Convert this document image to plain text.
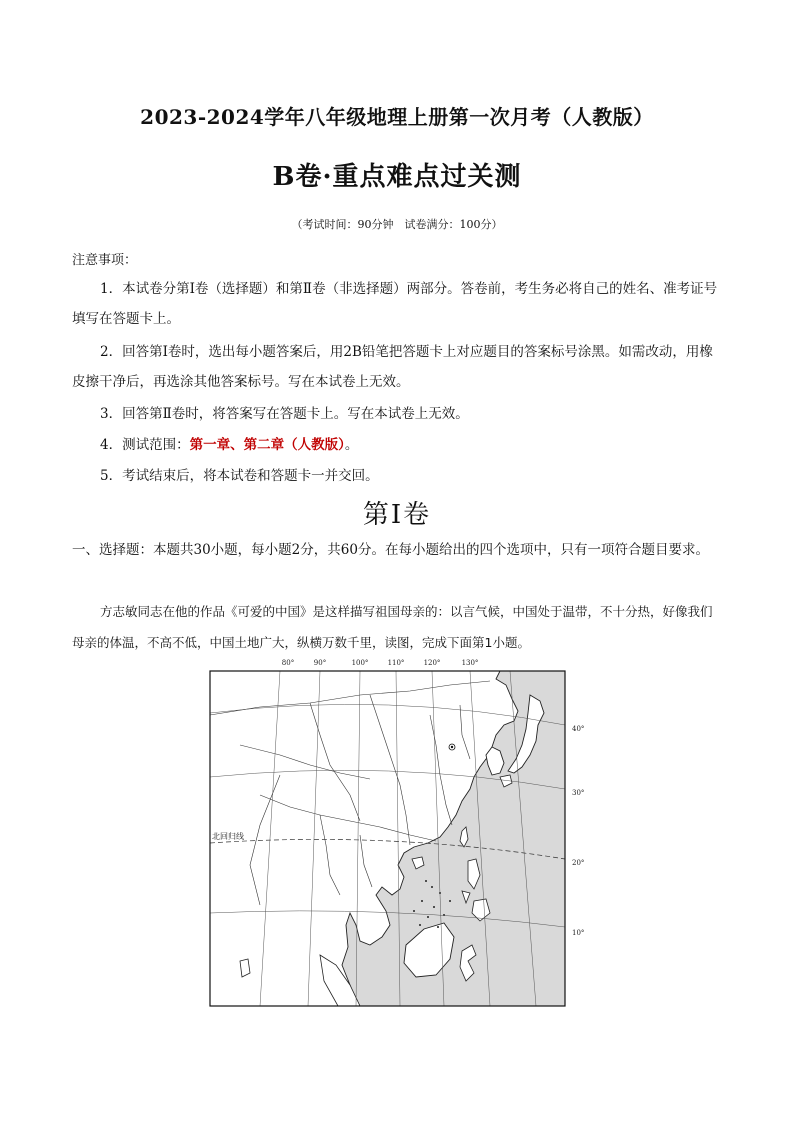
2023-2024学年八年级地理上册第一次月考（人教版）
B卷·重点难点过关测
（考试时间：90分钟　试卷满分：100分）
注意事项：
1．本试卷分第Ⅰ卷（选择题）和第Ⅱ卷（非选择题）两部分。答卷前，考生务必将自己的姓名、准考证号填写在答题卡上。
2．回答第Ⅰ卷时，选出每小题答案后，用2B铅笔把答题卡上对应题目的答案标号涂黑。如需改动，用橡皮擦干净后，再选涂其他答案标号。写在本试卷上无效。
3．回答第Ⅱ卷时，将答案写在答题卡上。写在本试卷上无效。
4．测试范围：第一章、第二章（人教版）。
5．考试结束后，将本试卷和答题卡一并交回。
第Ⅰ卷
一、选择题：本题共30小题，每小题2分，共60分。在每小题给出的四个选项中，只有一项符合题目要求。
方志敏同志在他的作品《可爱的中国》是这样描写祖国母亲的：以言气候，中国处于温带，不十分热，好像我们母亲的体温，不高不低，中国土地广大，纵横万数千里，读图，完成下面第1小题。
80°	90°	100°	110°	120°	130°
40°
30°
20°
10°
北回归线
